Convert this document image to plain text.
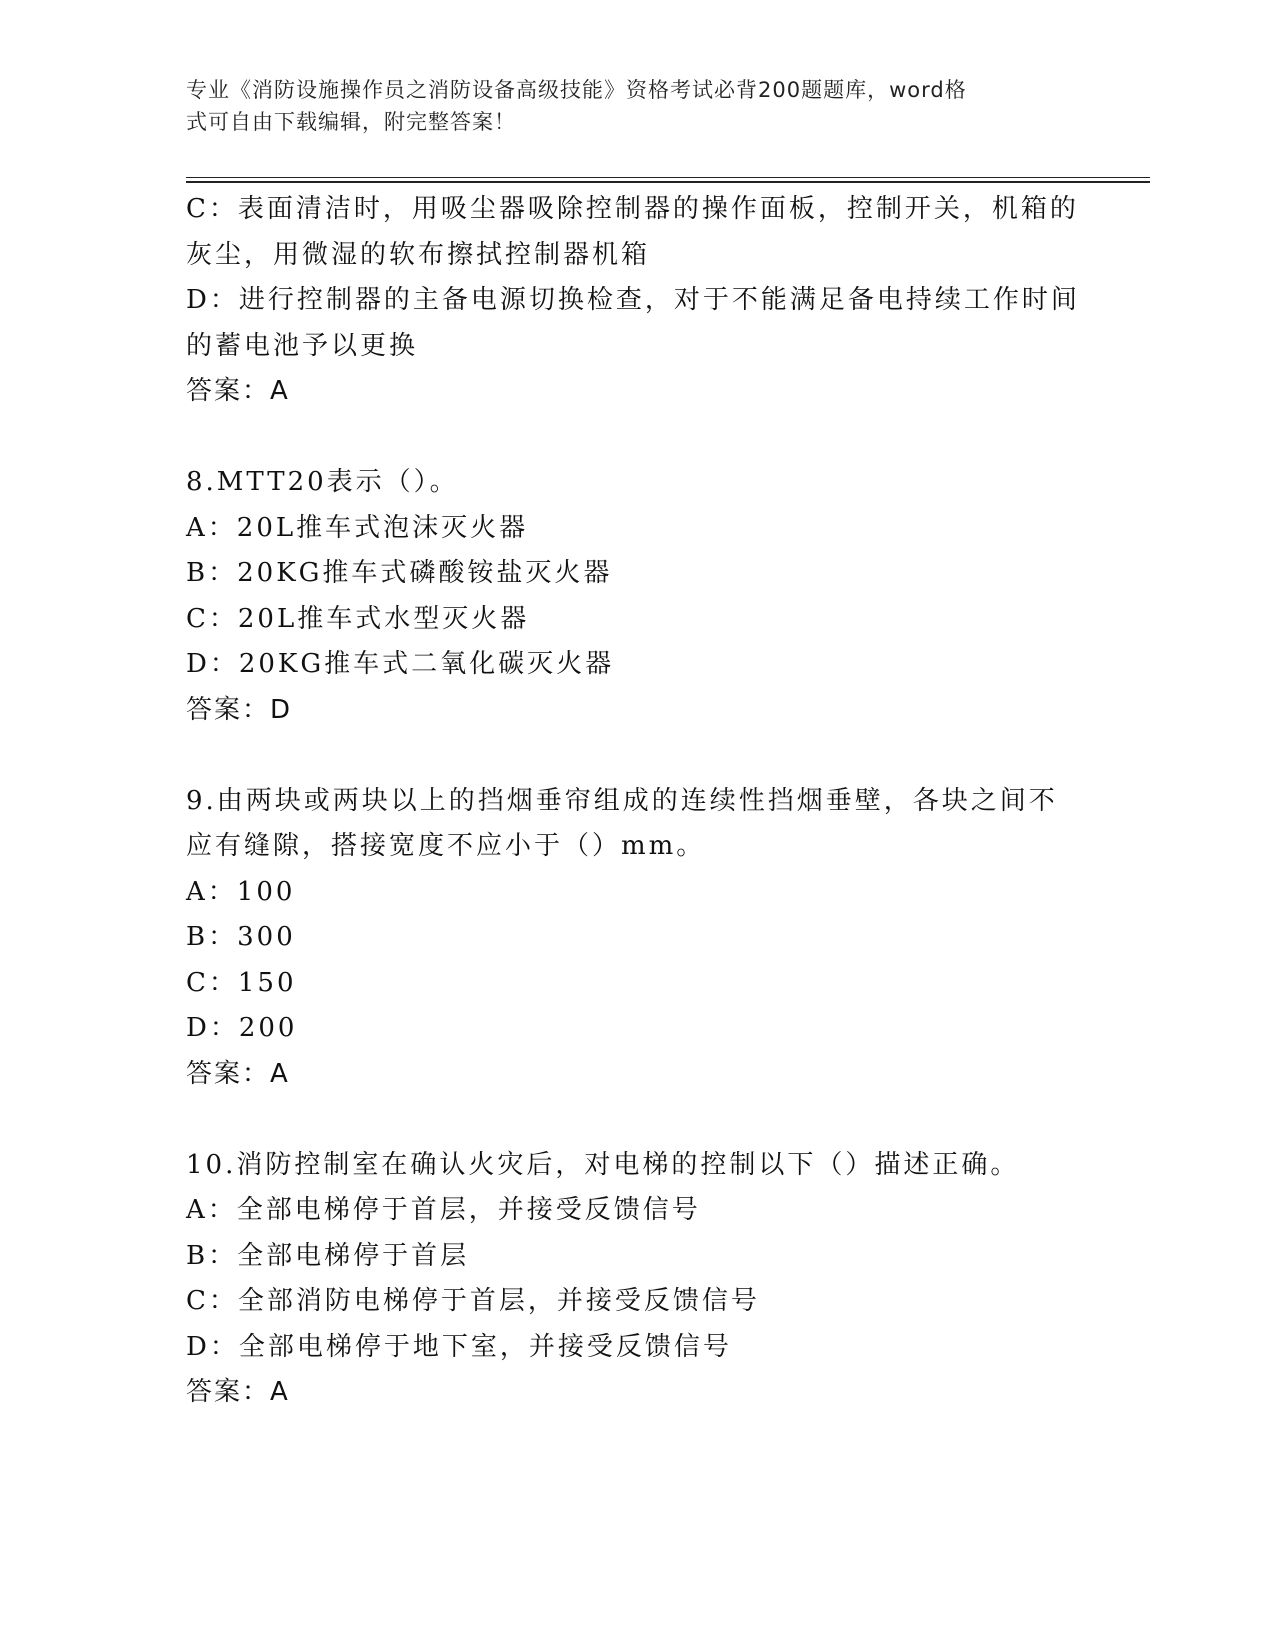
专业《消防设施操作员之消防设备高级技能》资格考试必背200题题库，word格
式可自由下载编辑，附完整答案！
C：表面清洁时，用吸尘器吸除控制器的操作面板，控制开关，机箱的
灰尘，用微湿的软布擦拭控制器机箱
D：进行控制器的主备电源切换检查，对于不能满足备电持续工作时间
的蓄电池予以更换
答案：A
8.MTT20表示（）。
A：20L推车式泡沫灭火器
B：20KG推车式磷酸铵盐灭火器
C：20L推车式水型灭火器
D：20KG推车式二氧化碳灭火器
答案：D
9.由两块或两块以上的挡烟垂帘组成的连续性挡烟垂壁，各块之间不
应有缝隙，搭接宽度不应小于（）mm。
A：100
B：300
C：150
D：200
答案：A
10.消防控制室在确认火灾后，对电梯的控制以下（）描述正确。
A：全部电梯停于首层，并接受反馈信号
B：全部电梯停于首层
C：全部消防电梯停于首层，并接受反馈信号
D：全部电梯停于地下室，并接受反馈信号
答案：A
